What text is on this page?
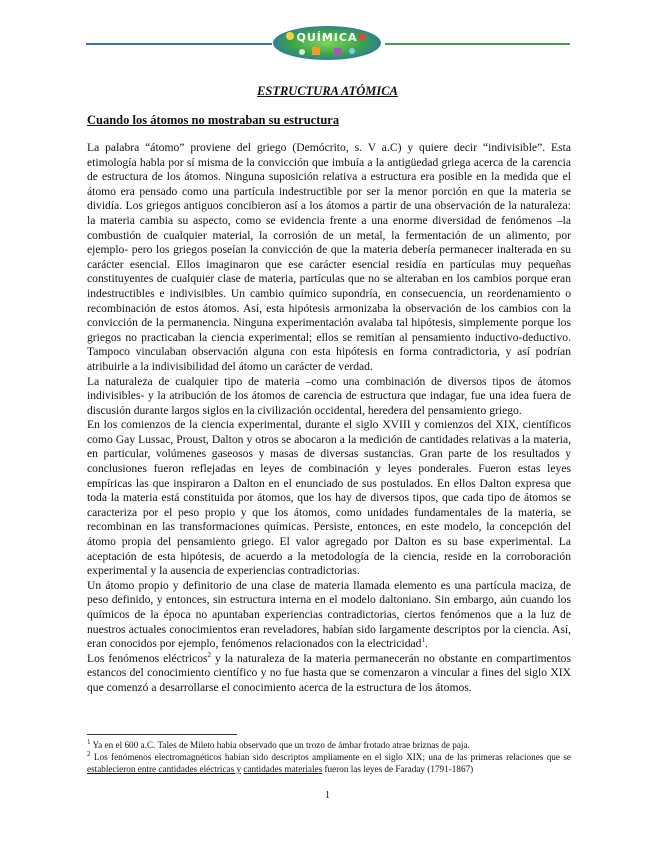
QUÍMICA
ESTRUCTURA ATÓMICA
Cuando los átomos no mostraban su estructura

La palabra “átomo” proviene del griego (Demócrito, s. V a.C) y quiere decir “indivisible”. Esta etimología habla por sí misma de la convicción que imbuía a la antigüedad griega acerca de la carencia de estructura de los átomos. Ninguna suposición relativa a estructura era posible en la medida que el átomo era pensado como una partícula indestructible por ser la menor porción en que la materia se dividía. Los griegos antiguos concibieron así a los átomos a partir de una observación de la naturaleza: la materia cambia su aspecto, como se evidencia frente a una enorme diversidad de fenómenos –la combustión de cualquier material, la corrosión de un metal, la fermentación de un alimento, por ejemplo- pero los griegos poseían la convicción de que la materia debería permanecer inalterada en su carácter esencial. Ellos imaginaron que ese carácter esencial residía en partículas muy pequeñas constituyentes de cualquier clase de materia, partículas que no se alteraban en los cambios porque eran indestructibles e indivisibles. Un cambio químico supondría, en consecuencia, un reordenamiento o recombinación de estos átomos. Así, esta hipótesis armonizaba la observación de los cambios con la convicción de la permanencia. Ninguna experimentación avalaba tal hipótesis, simplemente porque los griegos no practicaban la ciencia experimental; ellos se remitían al pensamiento inductivo-deductivo. Tampoco vinculaban observación alguna con esta hipótesis en forma contradictoria, y así podrían atribuirle a la indivisibilidad del átomo un carácter de verdad.

La naturaleza de cualquier tipo de materia –como una combinación de diversos tipos de átomos indivisibles- y la atribución de los átomos de carencia de estructura que indagar, fue una idea fuera de discusión durante largos siglos en la civilización occidental, heredera del pensamiento griego.

En los comienzos de la ciencia experimental, durante el siglo XVIII y comienzos del XIX, científicos como Gay Lussac, Proust, Dalton y otros se abocaron a la medición de cantidades relativas a la materia, en particular, volúmenes gaseosos y masas de diversas sustancias. Gran parte de los resultados y conclusiones fueron reflejadas en leyes de combinación y leyes ponderales. Fueron estas leyes empíricas las que inspiraron a Dalton en el enunciado de sus postulados. En ellos Dalton expresa que toda la materia está constituida por átomos, que los hay de diversos tipos, que cada tipo de átomos se caracteriza por el peso propio y que los átomos, como unidades fundamentales de la materia, se recombinan en las transformaciones químicas. Persiste, entonces, en este modelo, la concepción del átomo propia del pensamiento griego. El valor agregado por Dalton es su base experimental. La aceptación de esta hipótesis, de acuerdo a la metodología de la ciencia, reside en la corroboración experimental y la ausencia de experiencias contradictorias.

Un átomo propio y definitorio de una clase de materia llamada elemento es una partícula maciza, de peso definido, y entonces, sin estructura interna en el modelo daltoniano. Sin embargo, aún cuando los químicos de la época no apuntaban experiencias contradictorias, ciertos fenómenos que a la luz de nuestros actuales conocimientos eran reveladores, habían sido largamente descriptos por la ciencia. Así, eran conocidos por ejemplo, fenómenos relacionados con la electricidad$^1$.

Los fenómenos eléctricos$^2$ y la naturaleza de la materia permanecerán no obstante en compartimentos estancos del conocimiento científico y no fue hasta que se comenzaron a vincular a fines del siglo XIX que comenzó a desarrollarse el conocimiento acerca de la estructura de los átomos.

$^1$ Ya en el 600 a.C. Tales de Mileto había observado que un trozo de ámbar frotado atrae briznas de paja.

$^2$ Los fenómenos electromagnéticos habían sido descriptos ampliamente en el siglo XIX; una de las primeras relaciones que se establecieron entre cantidades eléctricas y cantidades materiales fueron las leyes de Faraday (1791-1867)

1
